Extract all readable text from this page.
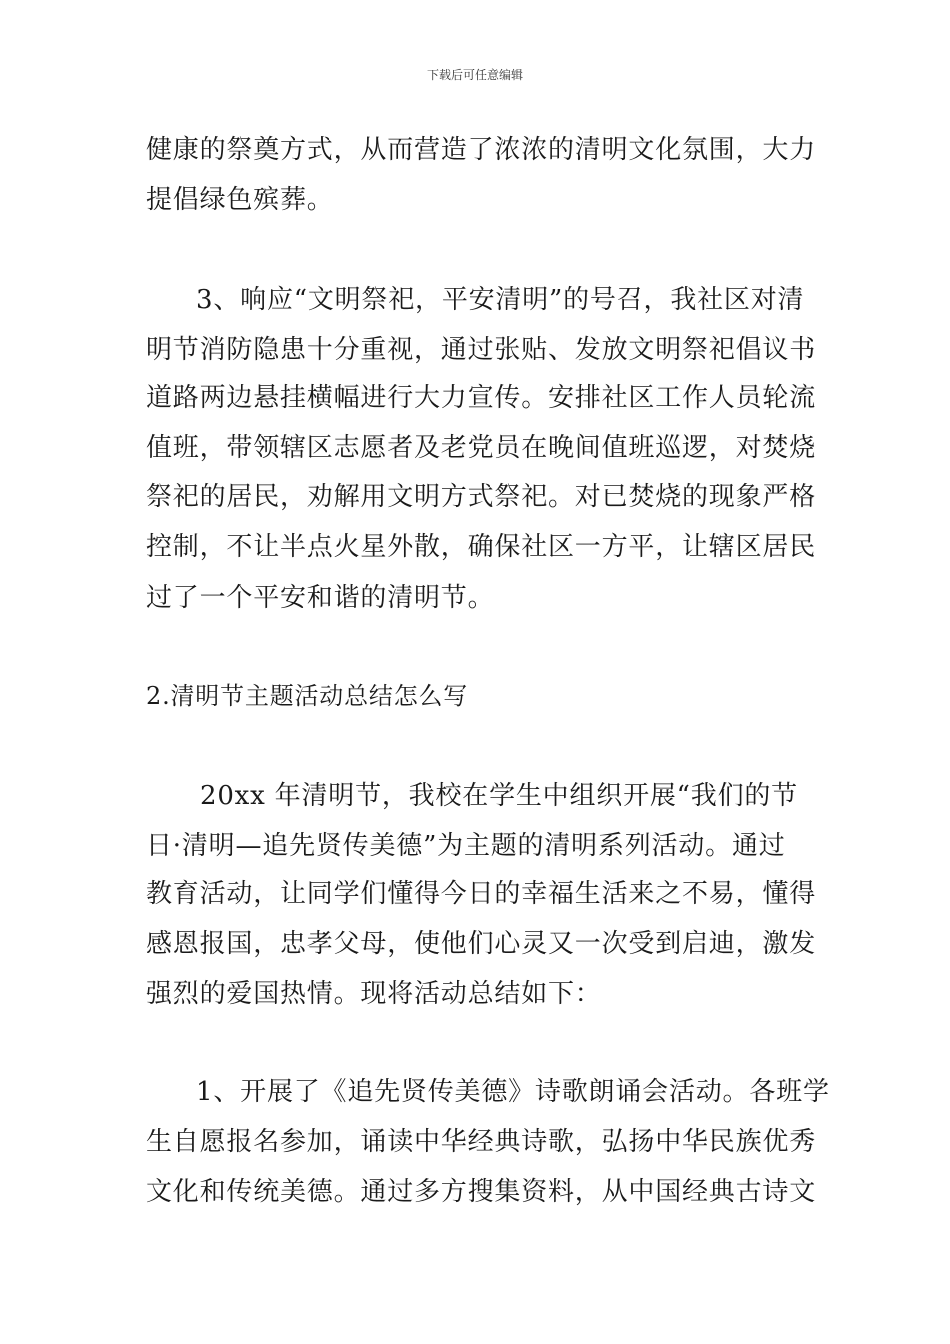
下载后可任意编辑
健康的祭奠方式，从而营造了浓浓的清明文化氛围，大力
提倡绿色殡葬。
3、响应“文明祭祀，平安清明”的号召，我社区对清
明节消防隐患十分重视，通过张贴、发放文明祭祀倡议书
道路两边悬挂横幅进行大力宣传。安排社区工作人员轮流
值班，带领辖区志愿者及老党员在晚间值班巡逻，对焚烧
祭祀的居民，劝解用文明方式祭祀。对已焚烧的现象严格
控制，不让半点火星外散，确保社区一方平，让辖区居民
过了一个平安和谐的清明节。
2.清明节主题活动总结怎么写
20xx 年清明节，我校在学生中组织开展“我们的节
日·清明—追先贤传美德”为主题的清明系列活动。通过
教育活动，让同学们懂得今日的幸福生活来之不易，懂得
感恩报国，忠孝父母，使他们心灵又一次受到启迪，激发
强烈的爱国热情。现将活动总结如下：
1、开展了《追先贤传美德》诗歌朗诵会活动。各班学
生自愿报名参加，诵读中华经典诗歌，弘扬中华民族优秀
文化和传统美德。通过多方搜集资料，从中国经典古诗文
